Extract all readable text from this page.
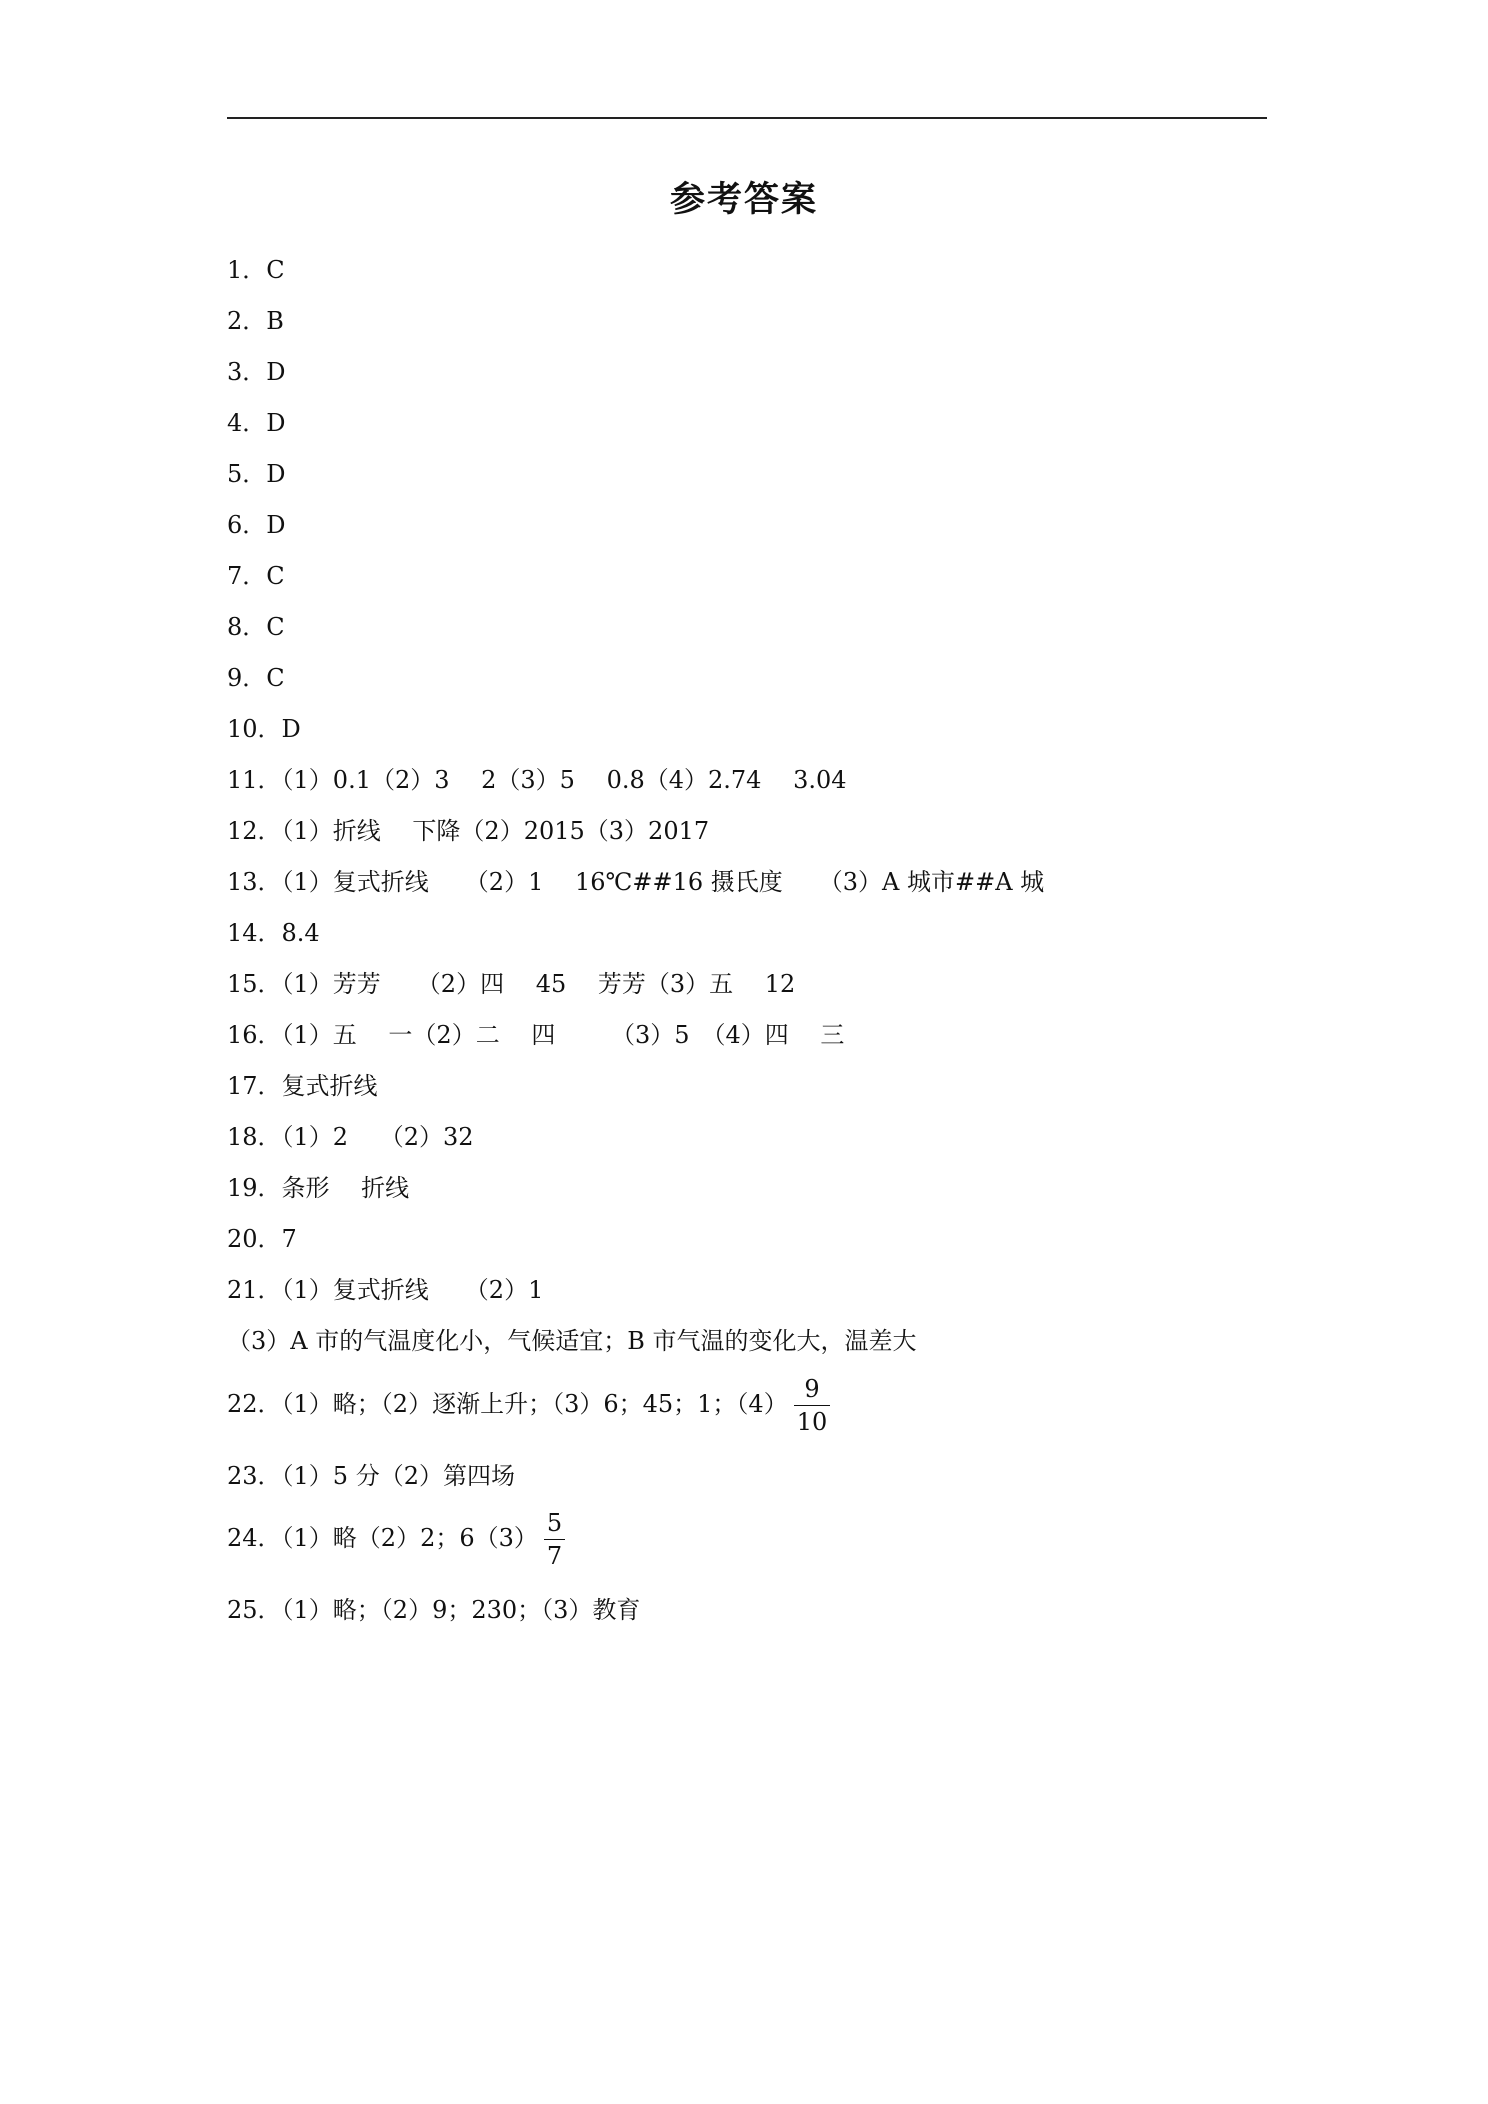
参考答案
1．C
2．B
3．D
4．D
5．D
6．D
7．C
8．C
9．C
10．D
11．（1）0.1（2）3　 2（3）5　 0.8（4）2.74　 3.04
12．（1）折线　 下降（2）2015（3）2017
13．（1）复式折线　　（2）1　 16℃##16 摄氏度　　（3）A 城市##A 城
14．8.4
15．（1）芳芳　　（2）四　 45　 芳芳（3）五　 12
16．（1）五　 一（2）二　 四　　 （3）5　（4）四　 三
17．复式折线
18．（1）2　 （2）32
19．条形　 折线
20．7
21．（1）复式折线　　（2）1
（3）A 市的气温度化小，气候适宜；B 市气温的变化大，温差大
22．（1）略；（2）逐渐上升；（3）6；45；1；$(4) \frac{9}{10}$
23．（1）5 分（2）第四场
24．（1）略（2）2；$6(3) \frac{5}{7}$
25．（1）略；（2）9；230；（3）教育
